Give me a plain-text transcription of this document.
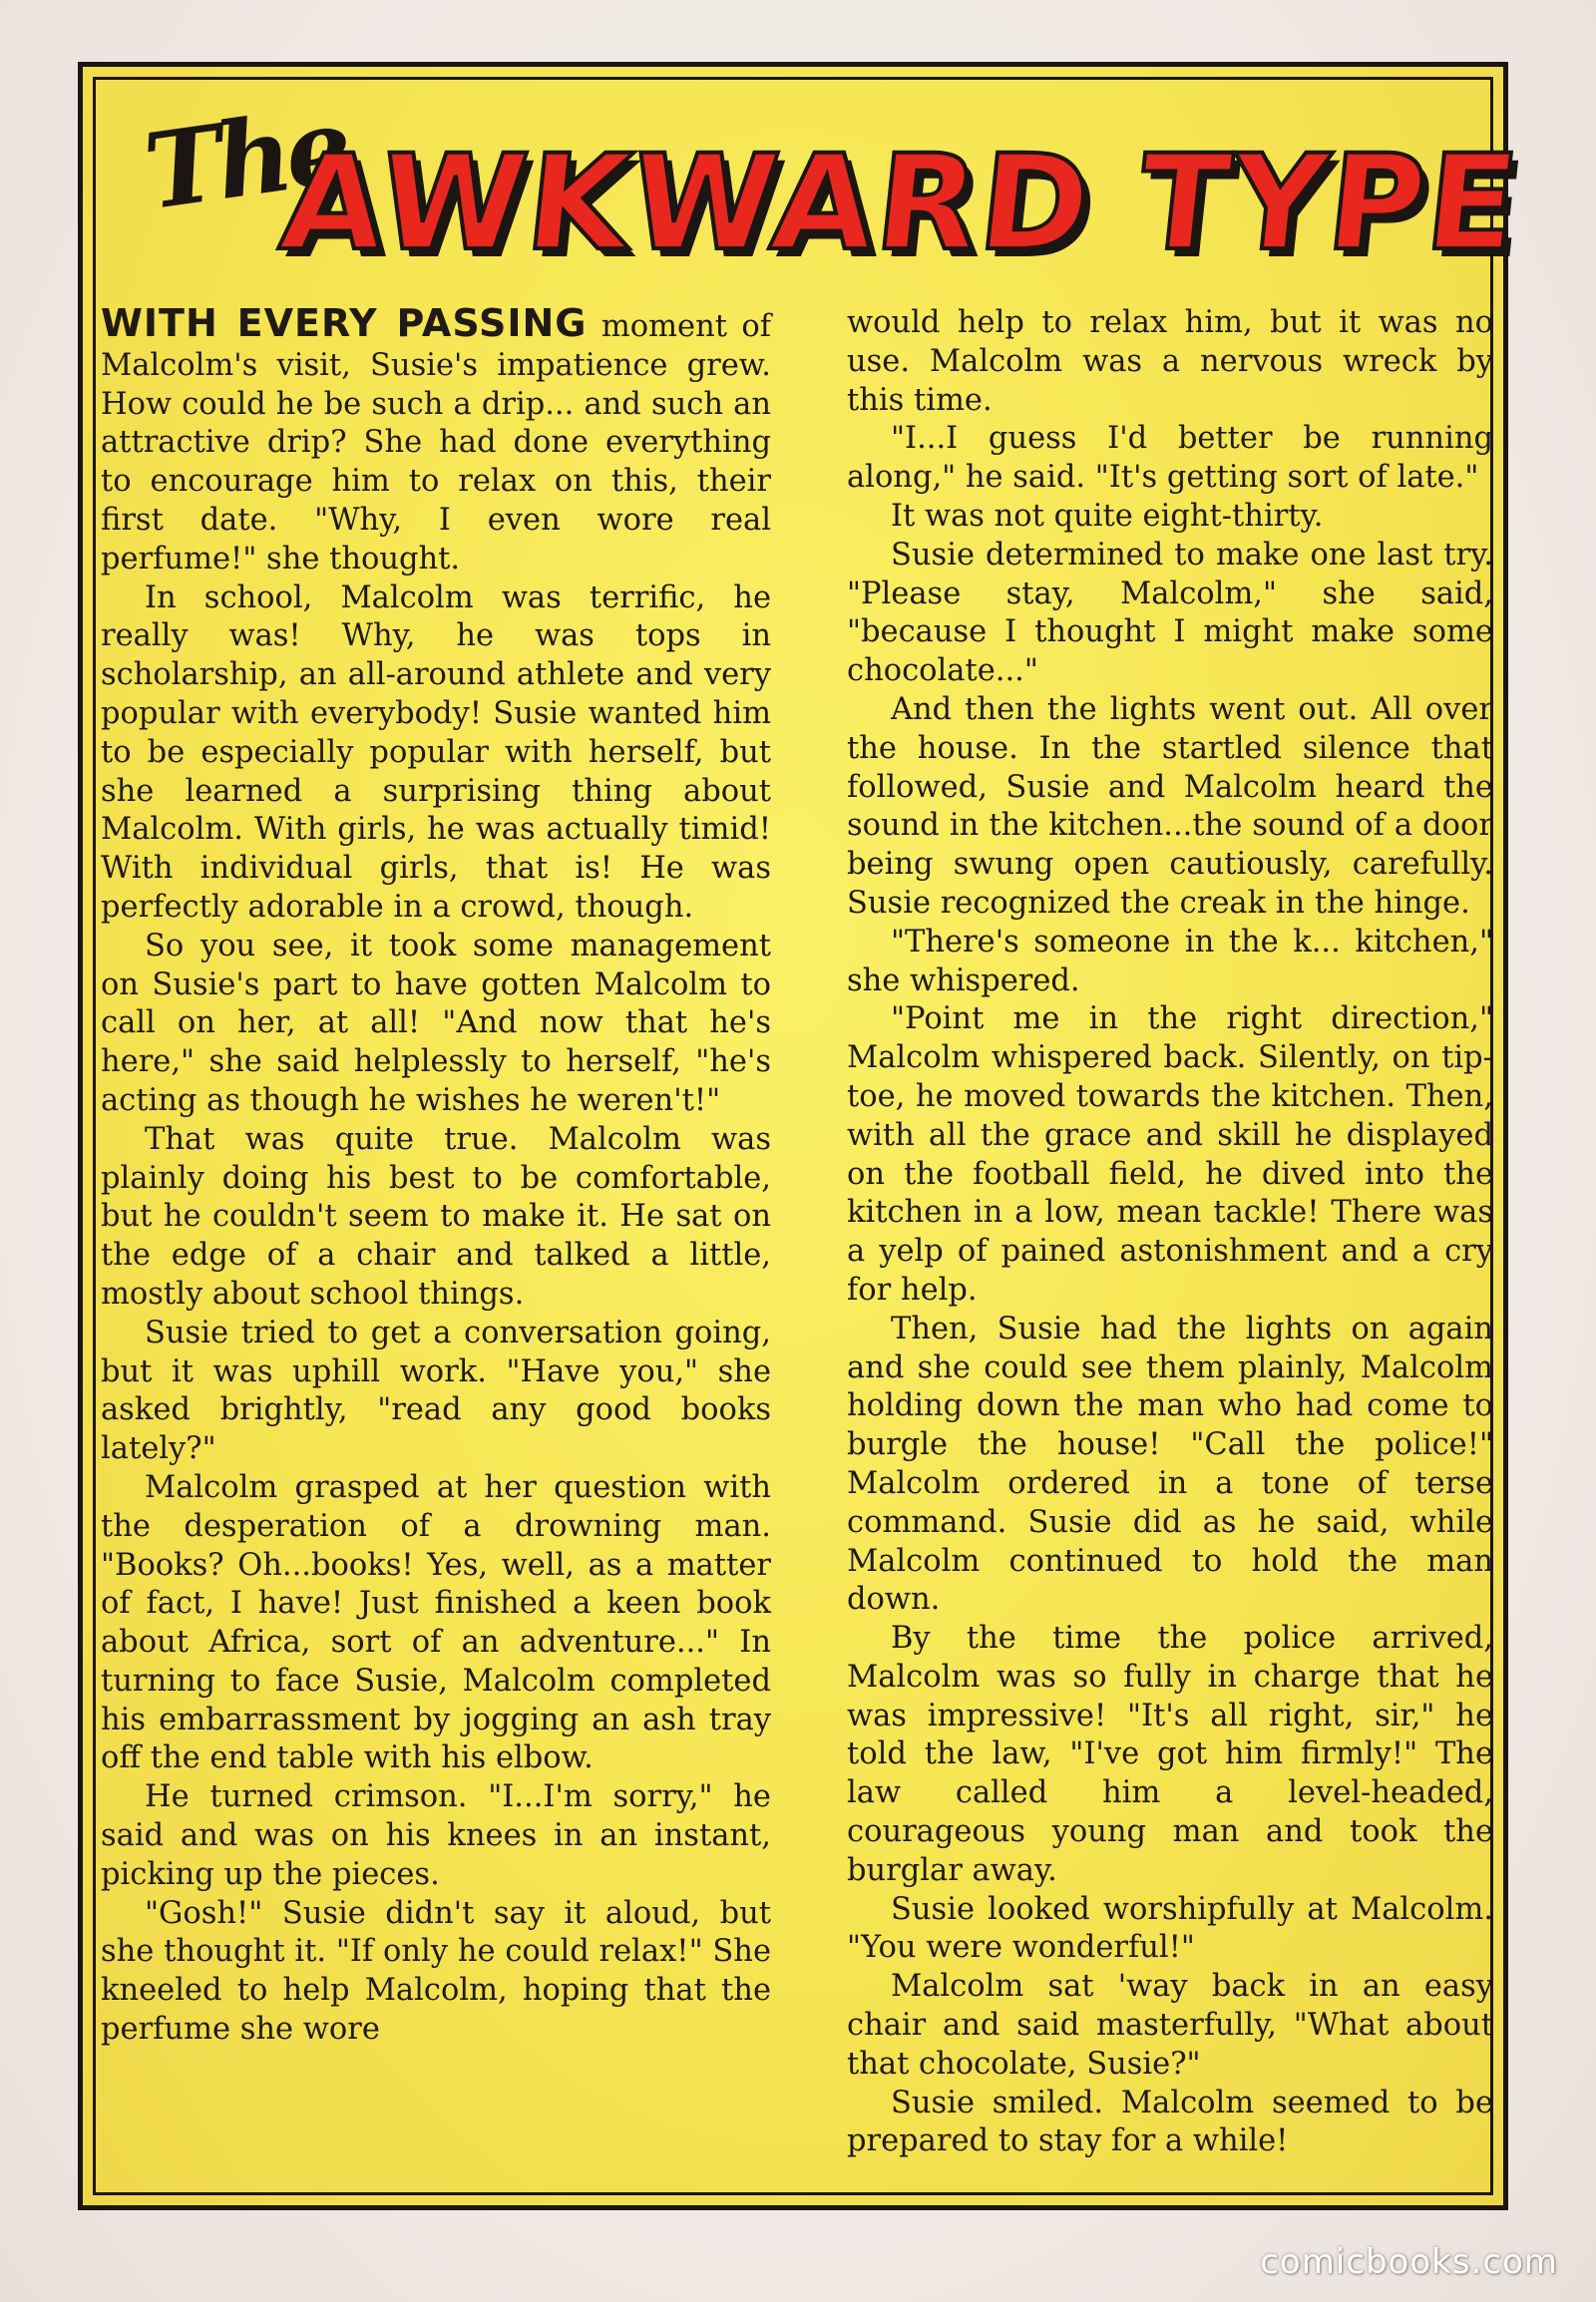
The
AWKWARD TYPE

WITH EVERY PASSING moment of Malcolm's visit, Susie's impatience grew. How could he be such a drip... and such an attractive drip? She had done everything to encourage him to relax on this, their first date. "Why, I even wore real perfume!" she thought.

In school, Malcolm was terrific, he really was! Why, he was tops in scholarship, an all-around athlete and very popular with everybody! Susie wanted him to be especially popular with herself, but she learned a surprising thing about Malcolm. With girls, he was actually timid! With individual girls, that is! He was perfectly adorable in a crowd, though.

So you see, it took some management on Susie's part to have gotten Malcolm to call on her, at all! "And now that he's here," she said helplessly to herself, "he's acting as though he wishes he weren't!"

That was quite true. Malcolm was plainly doing his best to be comfortable, but he couldn't seem to make it. He sat on the edge of a chair and talked a little, mostly about school things.

Susie tried to get a conversation going, but it was uphill work. "Have you," she asked brightly, "read any good books lately?"

Malcolm grasped at her question with the desperation of a drowning man. "Books? Oh...books! Yes, well, as a matter of fact, I have! Just finished a keen book about Africa, sort of an adventure..." In turning to face Susie, Malcolm completed his embarrassment by jogging an ash tray off the end table with his elbow.

He turned crimson. "I...I'm sorry," he said and was on his knees in an instant, picking up the pieces.

"Gosh!" Susie didn't say it aloud, but she thought it. "If only he could relax!" She kneeled to help Malcolm, hoping that the perfume she wore

would help to relax him, but it was no use. Malcolm was a nervous wreck by this time.

"I...I guess I'd better be running along," he said. "It's getting sort of late."

It was not quite eight-thirty.

Susie determined to make one last try. "Please stay, Malcolm," she said, "because I thought I might make some chocolate..."

And then the lights went out. All over the house. In the startled silence that followed, Susie and Malcolm heard the sound in the kitchen...the sound of a door being swung open cautiously, carefully. Susie recognized the creak in the hinge.

"There's someone in the k... kitchen," she whispered.

"Point me in the right direction," Malcolm whispered back. Silently, on tip-toe, he moved towards the kitchen. Then, with all the grace and skill he displayed on the football field, he dived into the kitchen in a low, mean tackle! There was a yelp of pained astonishment and a cry for help.

Then, Susie had the lights on again and she could see them plainly, Malcolm holding down the man who had come to burgle the house! "Call the police!" Malcolm ordered in a tone of terse command. Susie did as he said, while Malcolm continued to hold the man down.

By the time the police arrived, Malcolm was so fully in charge that he was impressive! "It's all right, sir," he told the law, "I've got him firmly!" The law called him a level-headed, courageous young man and took the burglar away.

Susie looked worshipfully at Malcolm. "You were wonderful!"

Malcolm sat 'way back in an easy chair and said masterfully, "What about that chocolate, Susie?"

Susie smiled. Malcolm seemed to be prepared to stay for a while!

comicbooks.com
